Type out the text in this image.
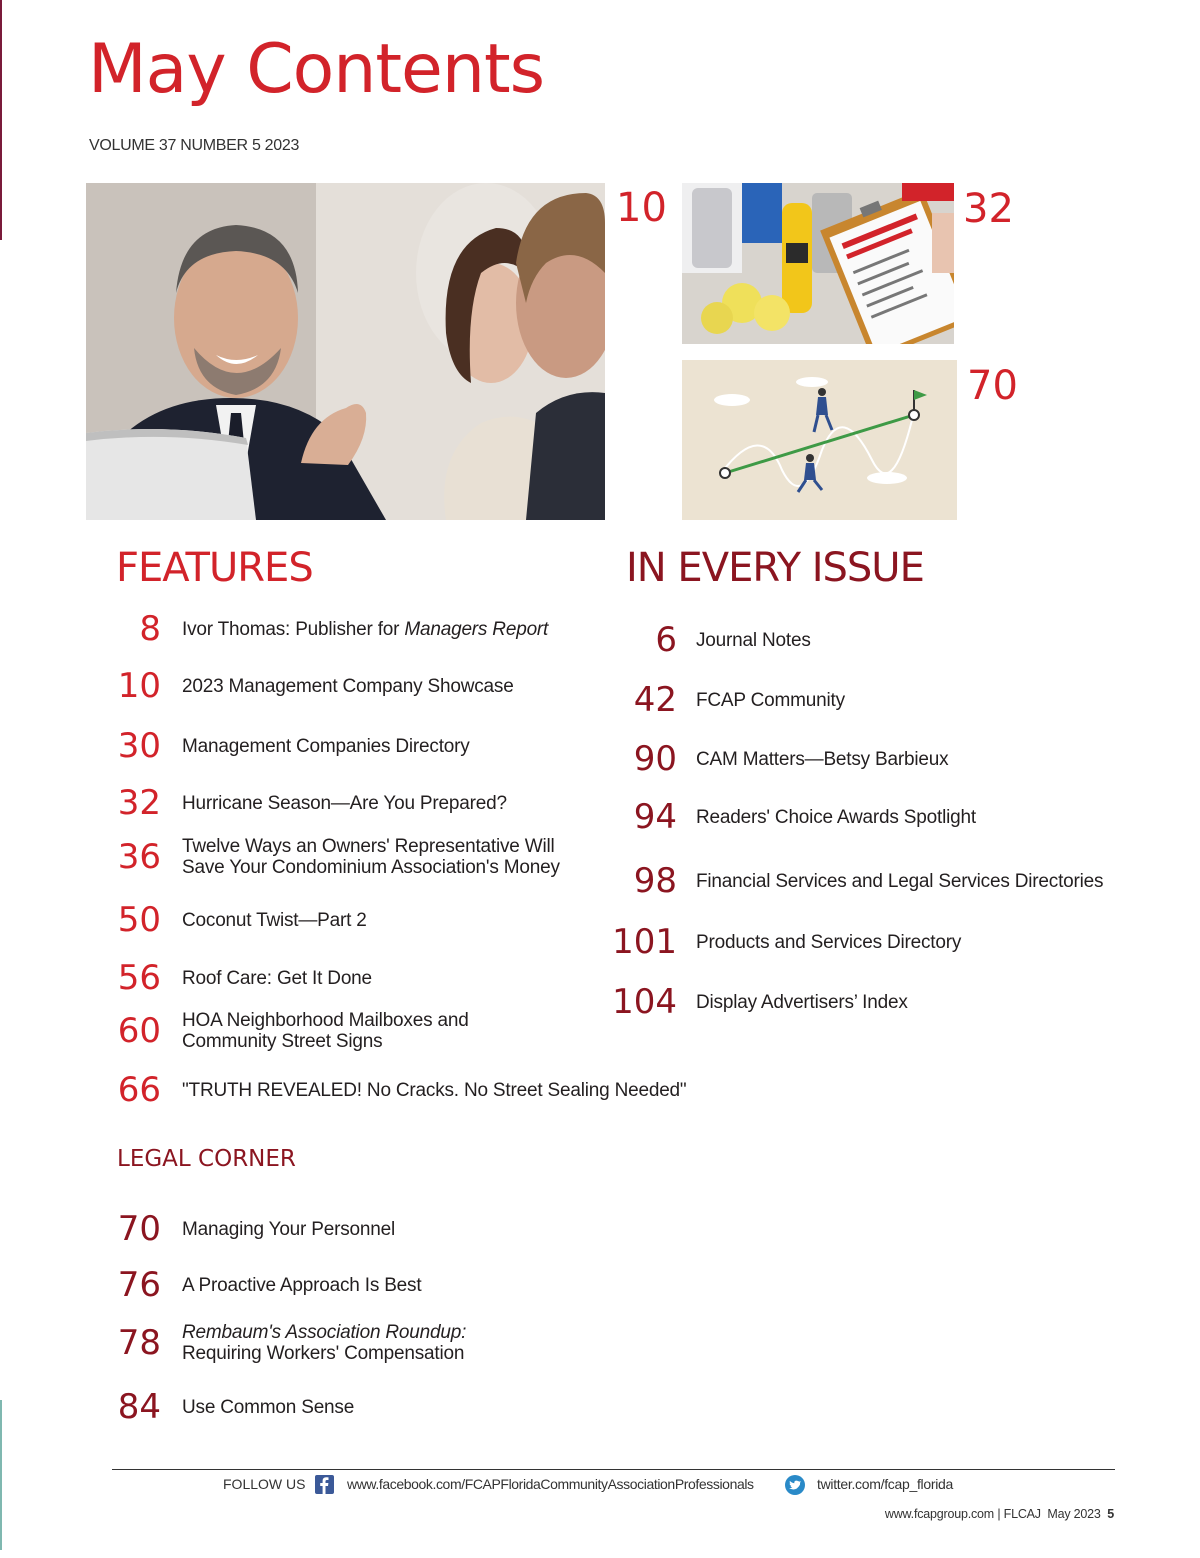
May Contents
VOLUME 37 NUMBER 5 2023
10	32
70
FEATURES	IN EVERY ISSUE
LEGAL CORNER
8 Ivor Thomas: Publisher for Managers Report
10 2023 Management Company Showcase
30 Management Companies Directory
32 Hurricane Season—Are You Prepared?
36 Twelve Ways an Owners' Representative Will
Save Your Condominium Association's Money
50 Coconut Twist—Part 2
56 Roof Care: Get It Done
60 HOA Neighborhood Mailboxes and
Community Street Signs
66 "TRUTH REVEALED! No Cracks. No Street Sealing Needed"
70 Managing Your Personnel
76 A Proactive Approach Is Best
78 Rembaum's Association Roundup:
Requiring Workers' Compensation
84 Use Common Sense
6 Journal Notes
42 FCAP Community
90 CAM Matters—Betsy Barbieux
94 Readers' Choice Awards Spotlight
98 Financial Services and Legal Services Directories
101 Products and Services Directory
104 Display Advertisers’ Index
FOLLOW US	www.facebook.com/FCAPFloridaCommunityAssociationProfessionals	twitter.com/fcap_florida
www.fcapgroup.com | FLCAJ May 2023 5
